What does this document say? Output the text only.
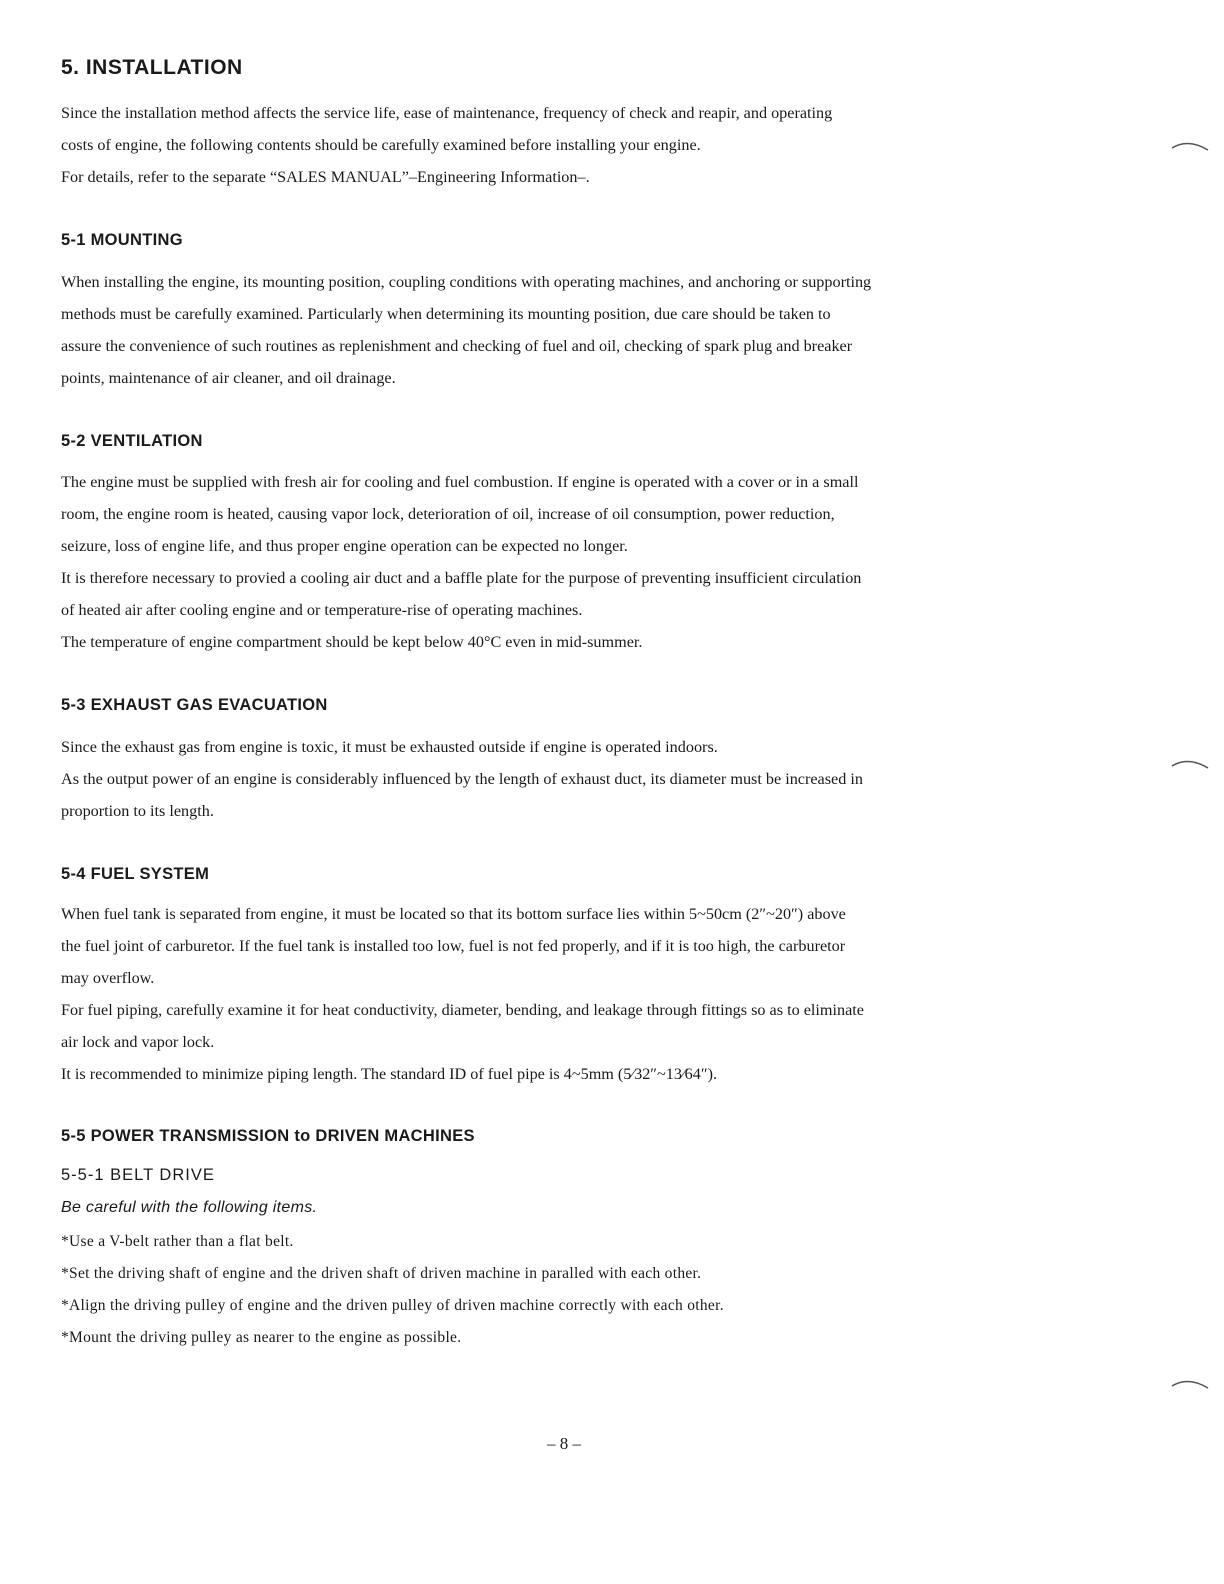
5. INSTALLATION

Since the installation method affects the service life, ease of maintenance, frequency of check and reapir, and operating
costs of engine, the following contents should be carefully examined before installing your engine.
For details, refer to the separate “SALES MANUAL”–Engineering Information–.

5-1 MOUNTING

When installing the engine, its mounting position, coupling conditions with operating machines, and anchoring or supporting
methods must be carefully examined. Particularly when determining its mounting position, due care should be taken to
assure the convenience of such routines as replenishment and checking of fuel and oil, checking of spark plug and breaker
points, maintenance of air cleaner, and oil drainage.

5-2 VENTILATION

The engine must be supplied with fresh air for cooling and fuel combustion. If engine is operated with a cover or in a small
room, the engine room is heated, causing vapor lock, deterioration of oil, increase of oil consumption, power reduction,
seizure, loss of engine life, and thus proper engine operation can be expected no longer.
It is therefore necessary to provied a cooling air duct and a baffle plate for the purpose of preventing insufficient circulation
of heated air after cooling engine and or temperature-rise of operating machines.
The temperature of engine compartment should be kept below 40°C even in mid-summer.

5-3 EXHAUST GAS EVACUATION

Since the exhaust gas from engine is toxic, it must be exhausted outside if engine is operated indoors.
As the output power of an engine is considerably influenced by the length of exhaust duct, its diameter must be increased in
proportion to its length.

5-4 FUEL SYSTEM

When fuel tank is separated from engine, it must be located so that its bottom surface lies within 5~50cm (2″~20″) above
the fuel joint of carburetor. If the fuel tank is installed too low, fuel is not fed properly, and if it is too high, the carburetor
may overflow.
For fuel piping, carefully examine it for heat conductivity, diameter, bending, and leakage through fittings so as to eliminate
air lock and vapor lock.
It is recommended to minimize piping length. The standard ID of fuel pipe is 4~5mm (5⁄32″~13⁄64″).

5-5 POWER TRANSMISSION to DRIVEN MACHINES

5-5-1 BELT DRIVE

Be careful with the following items.

*Use a V-belt rather than a flat belt.
*Set the driving shaft of engine and the driven shaft of driven machine in paralled with each other.
*Align the driving pulley of engine and the driven pulley of driven machine correctly with each other.
*Mount the driving pulley as nearer to the engine as possible.
– 8 –
